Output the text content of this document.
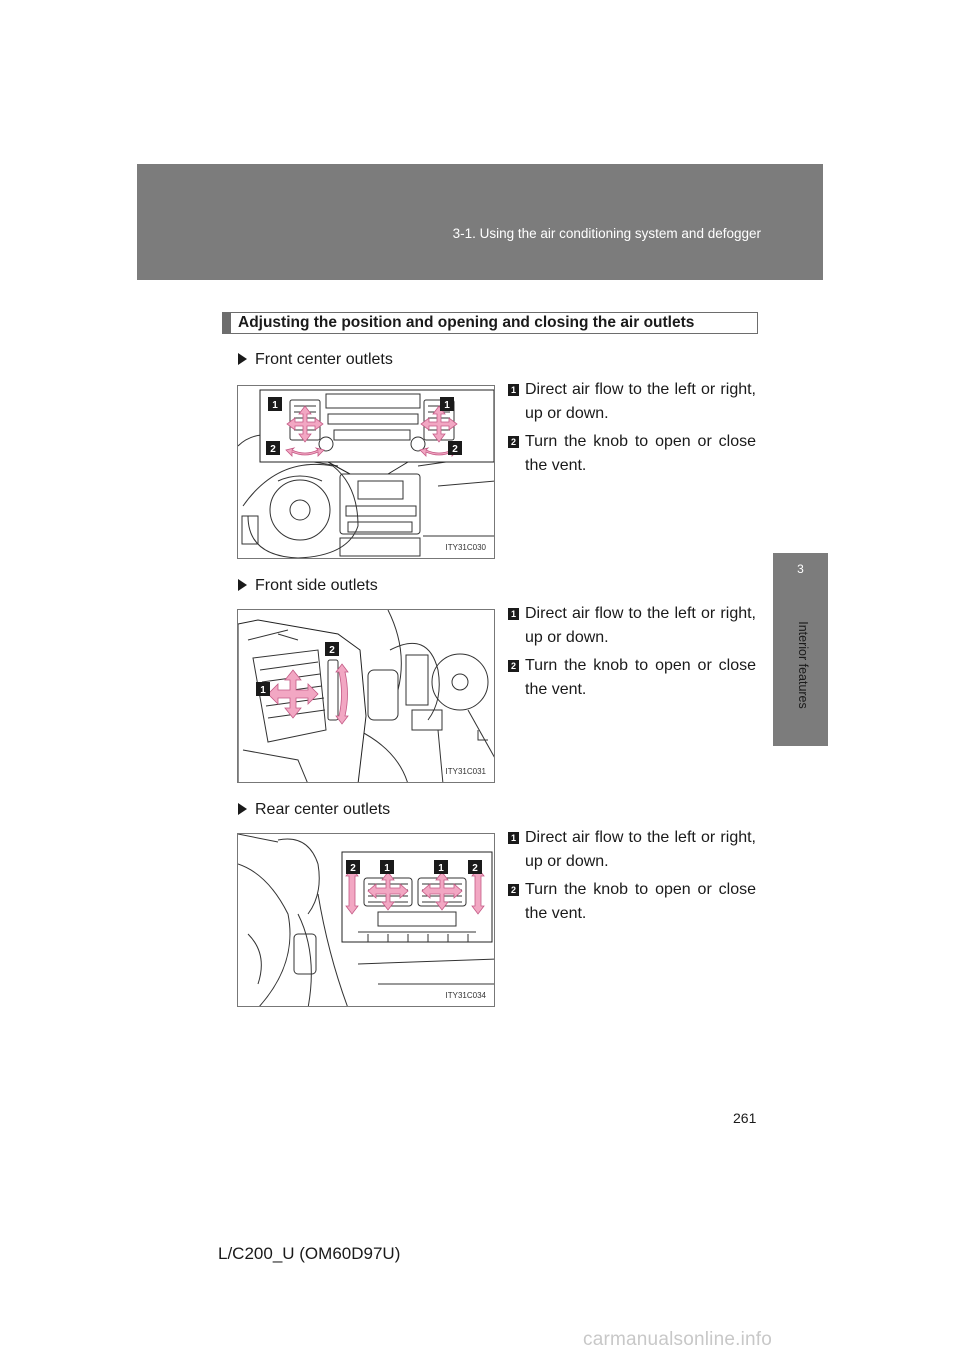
3-1. Using the air conditioning system and defogger
3
Interior features
Adjusting the position and opening and closing the air outlets
Front center outlets
1	1
2	2
ITY31C030
1 Direct air flow to the left or right, up or down.
2 Turn the knob to open or close the vent.
Front side outlets
2
1
ITY31C031
1 Direct air flow to the left or right, up or down.
2 Turn the knob to open or close the vent.
Rear center outlets
2	1	1	2
ITY31C034
1 Direct air flow to the left or right, up or down.
2 Turn the knob to open or close the vent.
261
L/C200_U (OM60D97U)
carmanualsonline.info
